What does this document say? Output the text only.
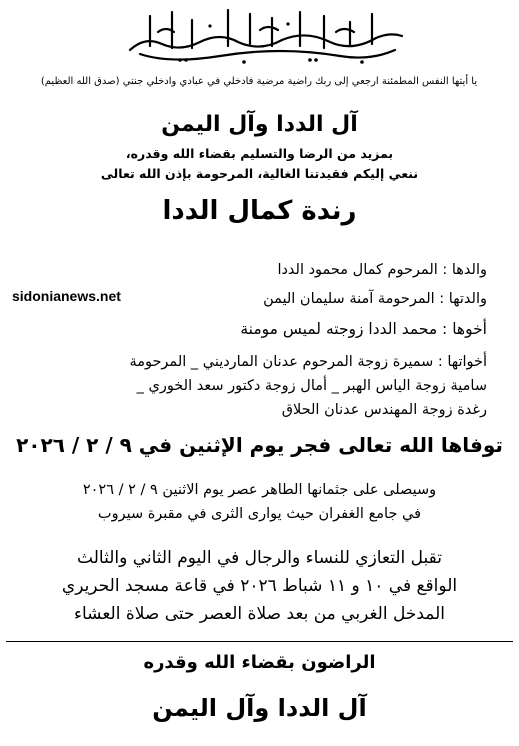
يا أيتها النفس المطمئنة ارجعي إلى ربك راضية مرضية فادخلي في عبادي وادخلي جنتي (صدق الله العظيم)
آل الددا وآل اليمن
بمزيد من الرضا والتسليم بقضاء الله وقدره،
ننعي إليكم فقيدتنا الغالية، المرحومة بإذن الله تعالى
رندة كمال الددا
sidonianews.net
والدها : المرحوم كمال محمود الددا
والدتها : المرحومة آمنة سليمان اليمن
أخوها : محمد الددا زوجته لميس مومنة
أخواتها : سميرة زوجة المرحوم عدنان المارديني _ المرحومة
سامية زوجة الياس الهبر _ أمال زوجة دكتور سعد الخوري _
رغدة زوجة المهندس عدنان الحلاق
توفاها الله تعالى فجر يوم الإثنين في ٩ / ٢ / ٢٠٢٦
وسيصلى على جثمانها الطاهر عصر يوم الاثنين ٩ / ٢ / ٢٠٢٦
في جامع الغفران حيث يوارى الثرى في مقبرة سيروب
تقبل التعازي للنساء والرجال في اليوم الثاني والثالث
الواقع في ١٠ و ١١ شباط ٢٠٢٦ في قاعة مسجد الحريري
المدخل الغربي من بعد صلاة العصر حتى صلاة العشاء
الراضون بقضاء الله وقدره
آل الددا وآل اليمن
